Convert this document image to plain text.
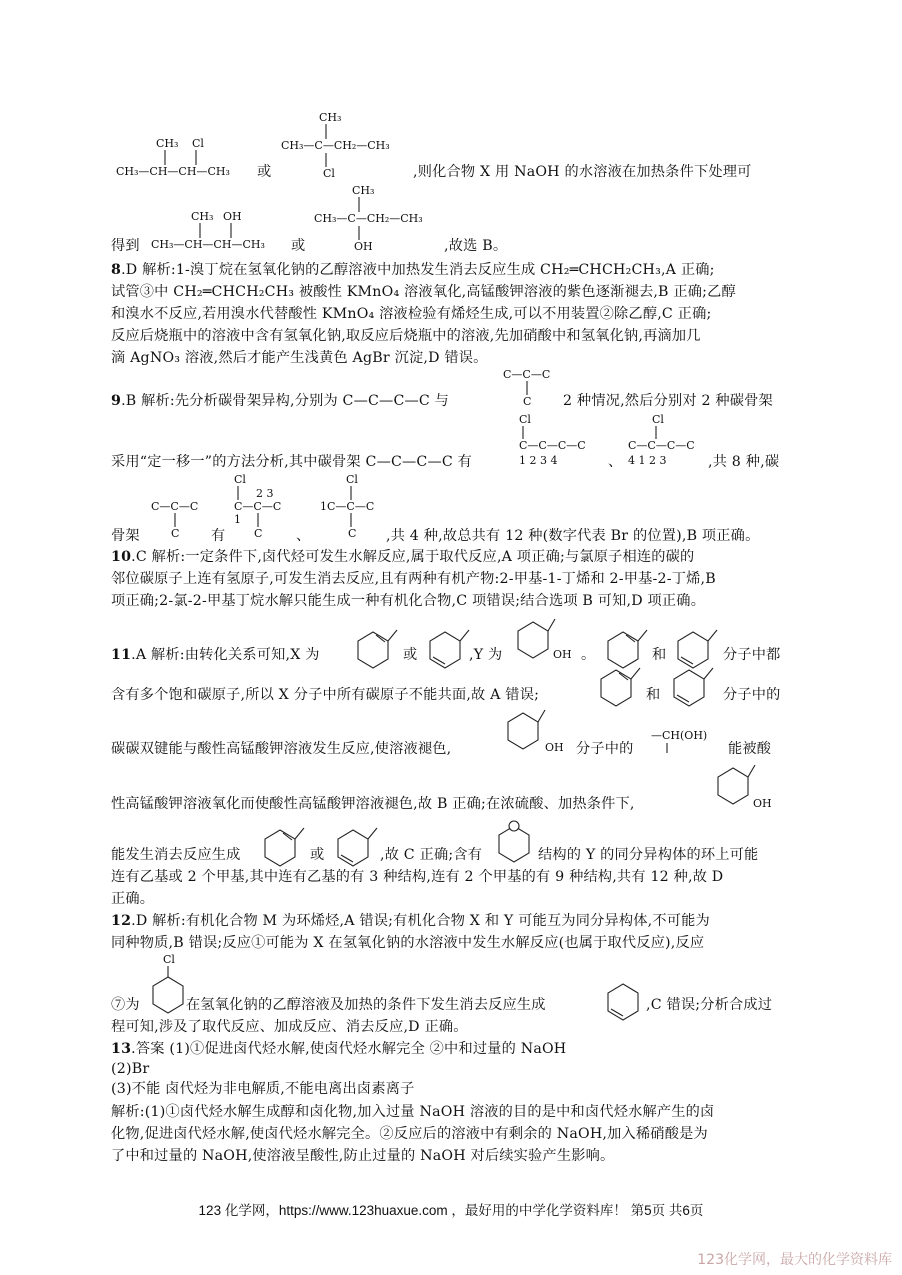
CH₃ Cl
CH₃—CH—CH—CH₃ 或
CH₃
CH₃—C—CH₂—CH₃
Cl	,则化合物 X 用 NaOH 的水溶液在加热条件下处理可
得到
CH₃ OH
CH₃—CH—CH—CH₃ 或
CH₃
CH₃—C—CH₂—CH₃
OH	,故选 B。
8.D 解析:1-溴丁烷在氢氧化钠的乙醇溶液中加热发生消去反应生成 CH₂═CHCH₂CH₃,A 正确;
试管③中 CH₂═CHCH₂CH₃ 被酸性 KMnO₄ 溶液氧化,高锰酸钾溶液的紫色逐渐褪去,B 正确;乙醇
和溴水不反应,若用溴水代替酸性 KMnO₄ 溶液检验有烯烃生成,可以不用装置②除乙醇,C 正确;
反应后烧瓶中的溶液中含有氢氧化钠,取反应后烧瓶中的溶液,先加硝酸中和氢氧化钠,再滴加几
滴 AgNO₃ 溶液,然后才能产生浅黄色 AgBr 沉淀,D 错误。
9.B 解析:先分析碳骨架异构,分别为 C—C—C—C 与
C—C—C
C 2 种情况,然后分别对 2 种碳骨架
采用“定一移一”的方法分析,其中碳骨架 C—C—C—C 有
Cl
C—C—C—C
1 2 3 4	、
Cl
C—C—C—C
4 1 2 3	,共 8 种,碳
骨架
C—C—C
C 有
Cl
2 3
C—C—C
1
C 、
Cl
1C—C—C
C ,共 4 种,故总共有 12 种(数字代表 Br 的位置),B 项正确。
10.C 解析:一定条件下,卤代烃可发生水解反应,属于取代反应,A 项正确;与氯原子相连的碳的
邻位碳原子上连有氢原子,可发生消去反应,且有两种有机产物:2-甲基-1-丁烯和 2-甲基-2-丁烯,B
项正确;2-氯-2-甲基丁烷水解只能生成一种有机化合物,C 项错误;结合选项 B 可知,D 项正确。
11.A 解析:由转化关系可知,X 为	或	,Y 为	OH 。	和	分子中都
含有多个饱和碳原子,所以 X 分子中所有碳原子不能共面,故 A 错误;	和	分子中的
碳碳双键能与酸性高锰酸钾溶液发生反应,使溶液褪色,	OH 分子中的
—CH(OH)
能被酸
性高锰酸钾溶液氧化而使酸性高锰酸钾溶液褪色,故 B 正确;在浓硫酸、加热条件下,	OH
能发生消去反应生成	或	,故 C 正确;含有	结构的 Y 的同分异构体的环上可能
连有乙基或 2 个甲基,其中连有乙基的有 3 种结构,连有 2 个甲基的有 9 种结构,共有 12 种,故 D
正确。
12.D 解析:有机化合物 M 为环烯烃,A 错误;有机化合物 X 和 Y 可能互为同分异构体,不可能为
同种物质,B 错误;反应①可能为 X 在氢氧化钠的水溶液中发生水解反应(也属于取代反应),反应
⑦为
Cl
在氢氧化钠的乙醇溶液及加热的条件下发生消去反应生成	,C 错误;分析合成过
程可知,涉及了取代反应、加成反应、消去反应,D 正确。
13.答案 (1)①促进卤代烃水解,使卤代烃水解完全 ②中和过量的 NaOH
(2)Br
(3)不能 卤代烃为非电解质,不能电离出卤素离子
解析:(1)①卤代烃水解生成醇和卤化物,加入过量 NaOH 溶液的目的是中和卤代烃水解产生的卤
化物,促进卤代烃水解,使卤代烃水解完全。②反应后的溶液中有剩余的 NaOH,加入稀硝酸是为
了中和过量的 NaOH,使溶液呈酸性,防止过量的 NaOH 对后续实验产生影响。
123 化学网，https://www.123huaxue.com ，最好用的中学化学资料库！ 第5页 共6页
123化学网，最大的化学资料库
